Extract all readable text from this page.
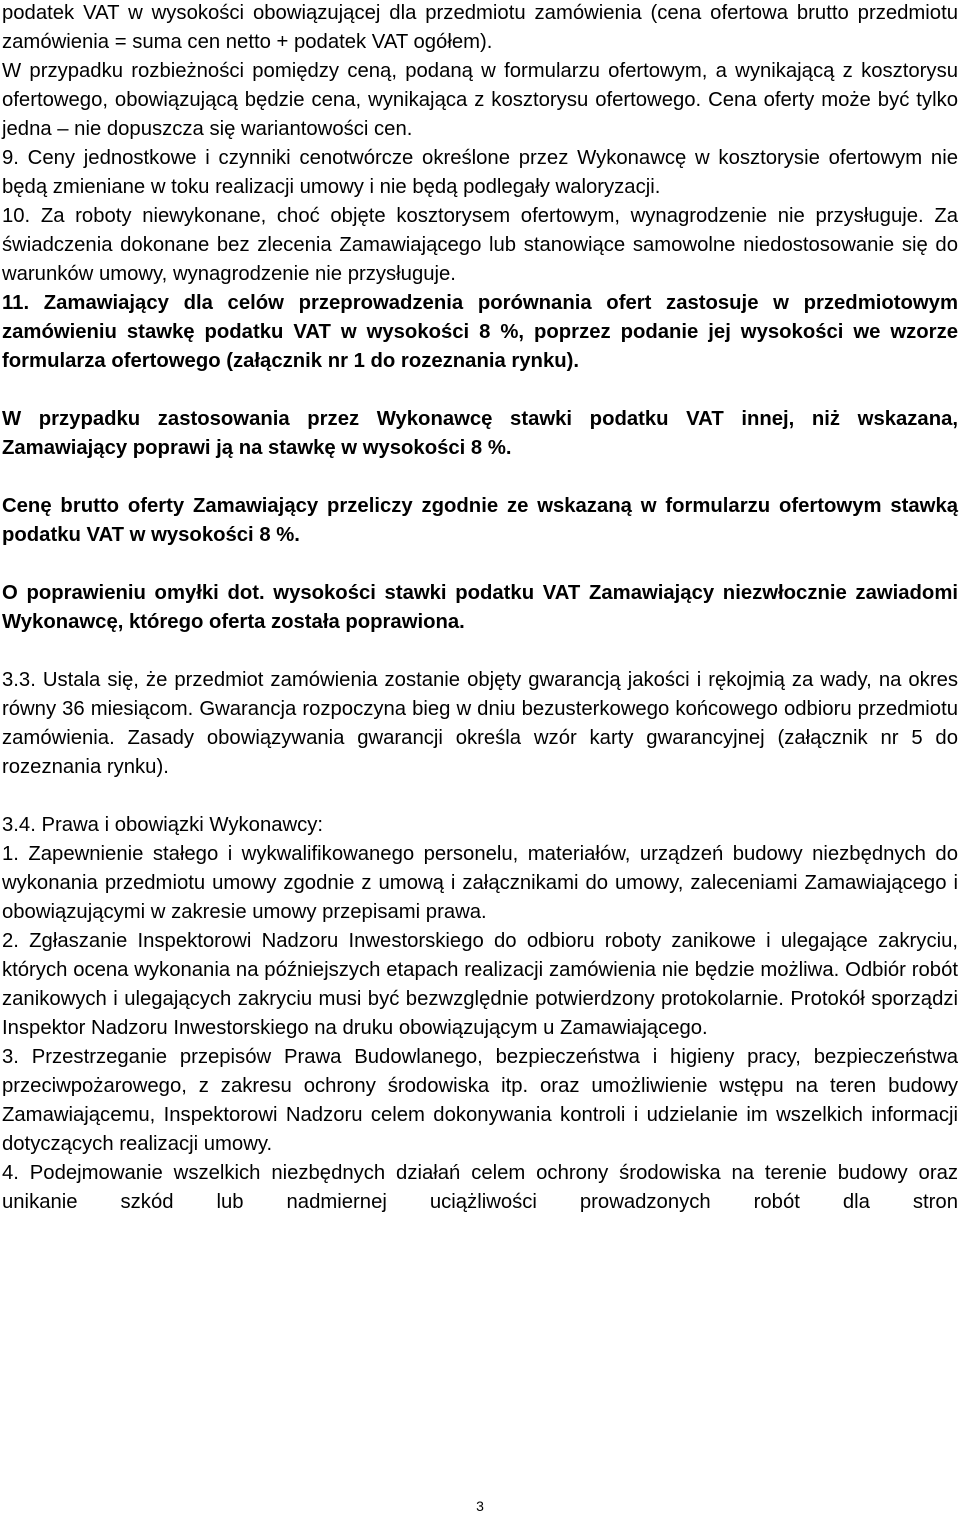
podatek VAT w wysokości obowiązującej dla przedmiotu zamówienia (cena ofertowa brutto przedmiotu zamówienia = suma cen netto + podatek VAT ogółem).

W przypadku rozbieżności pomiędzy ceną, podaną w formularzu ofertowym, a wynikającą z kosztorysu ofertowego, obowiązującą będzie cena, wynikająca z kosztorysu ofertowego. Cena oferty może być tylko jedna – nie dopuszcza się wariantowości cen.

9. Ceny jednostkowe i czynniki cenotwórcze określone przez Wykonawcę w kosztorysie ofertowym nie będą zmieniane w toku realizacji umowy i nie będą podlegały waloryzacji.

10. Za roboty niewykonane, choć objęte kosztorysem ofertowym, wynagrodzenie nie przysługuje. Za świadczenia dokonane bez zlecenia Zamawiającego lub stanowiące samowolne niedostosowanie się do warunków umowy, wynagrodzenie nie przysługuje.

11. Zamawiający dla celów przeprowadzenia porównania ofert zastosuje w przedmiotowym zamówieniu stawkę podatku VAT w wysokości 8 %, poprzez podanie jej wysokości we wzorze formularza ofertowego (załącznik nr 1 do rozeznania rynku).

W przypadku zastosowania przez Wykonawcę stawki podatku VAT innej, niż wskazana, Zamawiający poprawi ją na stawkę w wysokości 8 %.

Cenę brutto oferty Zamawiający przeliczy zgodnie ze wskazaną w formularzu ofertowym stawką podatku VAT w wysokości 8 %.

O poprawieniu omyłki dot. wysokości stawki podatku VAT Zamawiający niezwłocznie zawiadomi Wykonawcę, którego oferta została poprawiona.

3.3. Ustala się, że przedmiot zamówienia zostanie objęty gwarancją jakości i rękojmią za wady, na okres równy 36 miesiącom. Gwarancja rozpoczyna bieg w dniu bezusterkowego końcowego odbioru przedmiotu zamówienia. Zasady obowiązywania gwarancji określa wzór karty gwarancyjnej (załącznik nr 5 do rozeznania rynku).

3.4. Prawa i obowiązki Wykonawcy:

1. Zapewnienie stałego i wykwalifikowanego personelu, materiałów, urządzeń budowy niezbędnych do wykonania przedmiotu umowy zgodnie z umową i załącznikami do umowy, zaleceniami Zamawiającego i obowiązującymi w zakresie umowy przepisami prawa.

2. Zgłaszanie Inspektorowi Nadzoru Inwestorskiego do odbioru roboty zanikowe i ulegające zakryciu, których ocena wykonania na późniejszych etapach realizacji zamówienia nie będzie możliwa. Odbiór robót zanikowych i ulegających zakryciu musi być bezwzględnie potwierdzony protokolarnie. Protokół sporządzi Inspektor Nadzoru Inwestorskiego na druku obowiązującym u Zamawiającego.

3. Przestrzeganie przepisów Prawa Budowlanego, bezpieczeństwa i higieny pracy, bezpieczeństwa przeciwpożarowego, z zakresu ochrony środowiska itp. oraz umożliwienie wstępu na teren budowy Zamawiającemu, Inspektorowi Nadzoru celem dokonywania kontroli i udzielanie im wszelkich informacji dotyczących realizacji umowy.

4. Podejmowanie wszelkich niezbędnych działań celem ochrony środowiska na terenie budowy oraz unikanie szkód lub nadmiernej uciążliwości prowadzonych robót dla stron

3
